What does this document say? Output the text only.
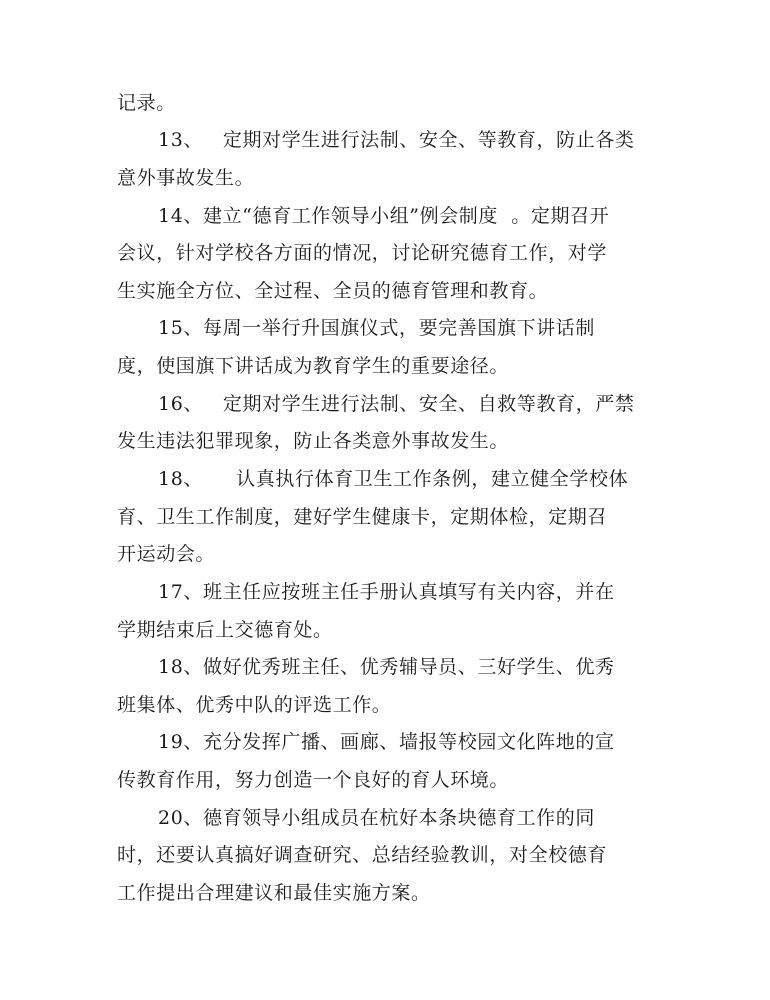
记录。
13、   定期对学生进行法制、安全、等教育，防止各类
意外事故发生。
14、建立“德育工作领导小组”例会制度  。定期召开
会议，针对学校各方面的情况，讨论研究德育工作，对学
生实施全方位、全过程、全员的德育管理和教育。
15、每周一举行升国旗仪式，要完善国旗下讲话制
度，使国旗下讲话成为教育学生的重要途径。
16、   定期对学生进行法制、安全、自救等教育，严禁
发生违法犯罪现象，防止各类意外事故发生。
18、     认真执行体育卫生工作条例，建立健全学校体
育、卫生工作制度，建好学生健康卡，定期体检，定期召
开运动会。
17、班主任应按班主任手册认真填写有关内容，并在
学期结束后上交德育处。
18、做好优秀班主任、优秀辅导员、三好学生、优秀
班集体、优秀中队的评选工作。
19、充分发挥广播、画廊、墙报等校园文化阵地的宣
传教育作用，努力创造一个良好的育人环境。
20、德育领导小组成员在杭好本条块德育工作的同
时，还要认真搞好调查研究、总结经验教训，对全校德育
工作提出合理建议和最佳实施方案。
